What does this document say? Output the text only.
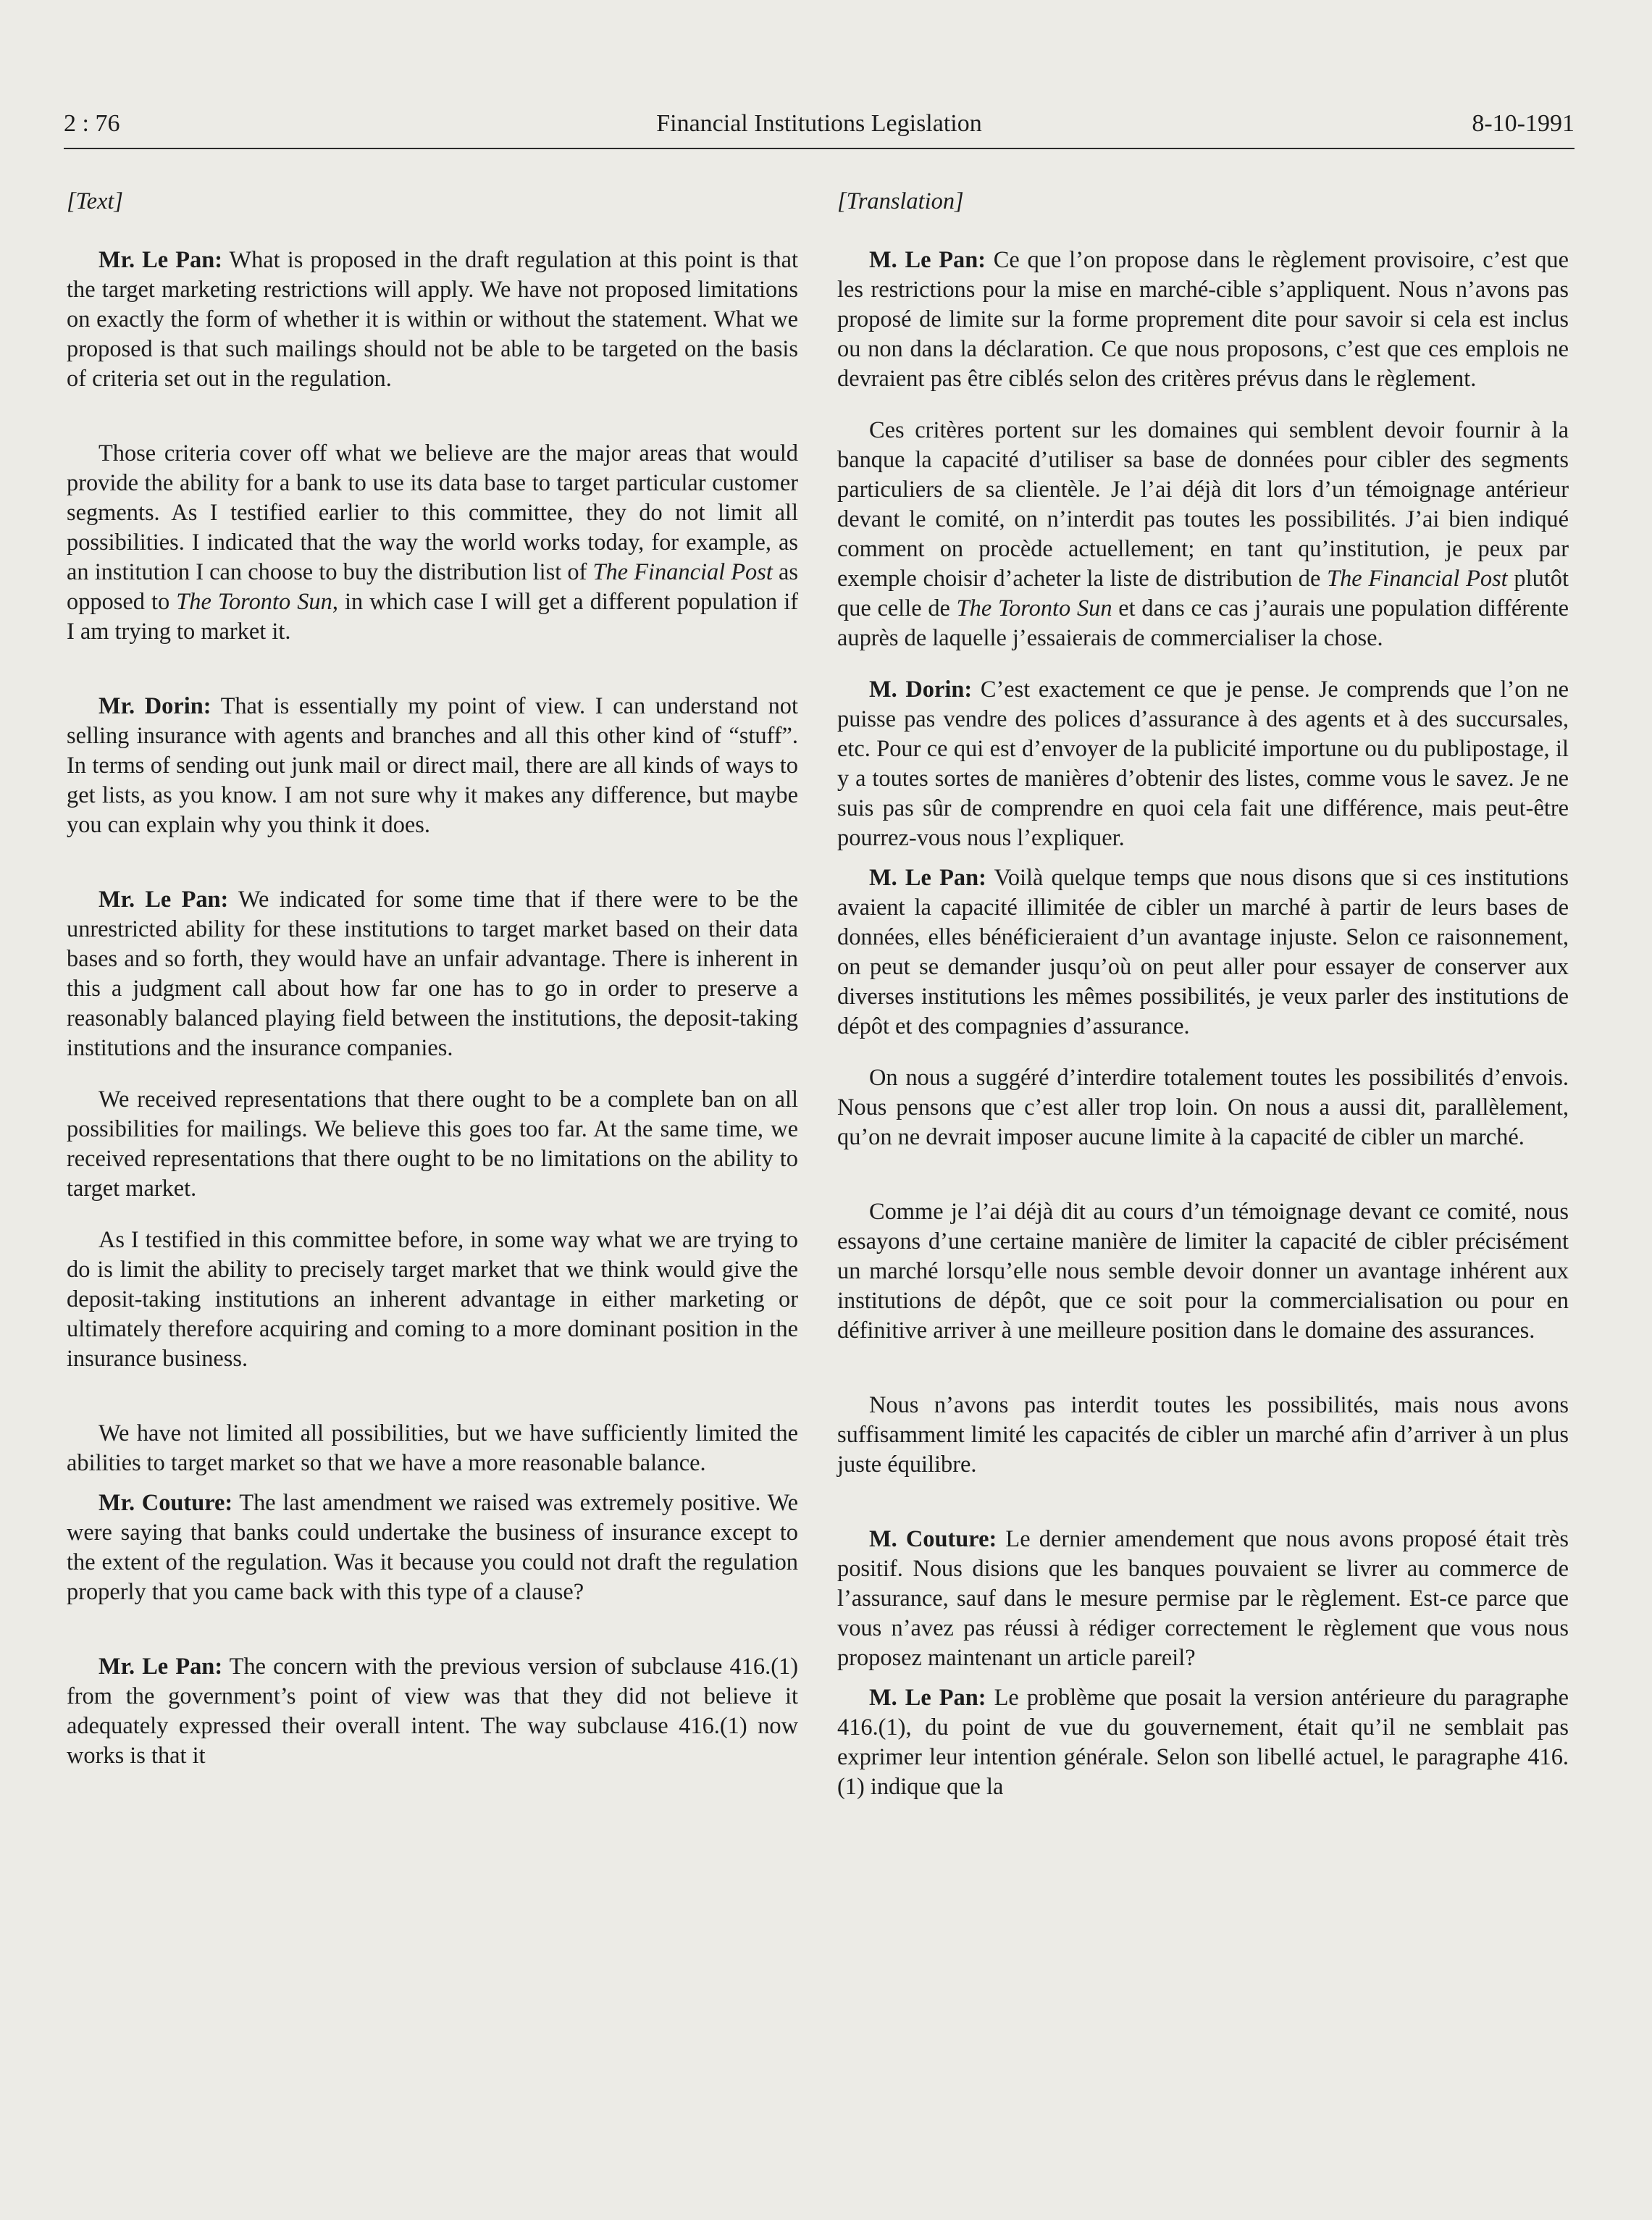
2 : 76	Financial Institutions Legislation	8-10-1991
[Text]

Mr. Le Pan: What is proposed in the draft regulation at this point is that the target marketing restrictions will apply. We have not proposed limitations on exactly the form of whether it is within or without the statement. What we proposed is that such mailings should not be able to be targeted on the basis of criteria set out in the regulation.

Those criteria cover off what we believe are the major areas that would provide the ability for a bank to use its data base to target particular customer segments. As I testified earlier to this committee, they do not limit all possibilities. I indicated that the way the world works today, for example, as an institution I can choose to buy the distribution list of The Financial Post as opposed to The Toronto Sun, in which case I will get a different population if I am trying to market it.

Mr. Dorin: That is essentially my point of view. I can understand not selling insurance with agents and branches and all this other kind of “stuff”. In terms of sending out junk mail or direct mail, there are all kinds of ways to get lists, as you know. I am not sure why it makes any difference, but maybe you can explain why you think it does.

Mr. Le Pan: We indicated for some time that if there were to be the unrestricted ability for these institutions to target market based on their data bases and so forth, they would have an unfair advantage. There is inherent in this a judgment call about how far one has to go in order to preserve a reasonably balanced playing field between the institutions, the deposit-taking institutions and the insurance companies.

We received representations that there ought to be a complete ban on all possibilities for mailings. We believe this goes too far. At the same time, we received representations that there ought to be no limitations on the ability to target market.

As I testified in this committee before, in some way what we are trying to do is limit the ability to precisely target market that we think would give the deposit-taking institutions an inherent advantage in either marketing or ultimately therefore acquiring and coming to a more dominant position in the insurance business.

We have not limited all possibilities, but we have sufficiently limited the abilities to target market so that we have a more reasonable balance.

Mr. Couture: The last amendment we raised was extremely positive. We were saying that banks could undertake the business of insurance except to the extent of the regulation. Was it because you could not draft the regulation properly that you came back with this type of a clause?

Mr. Le Pan: The concern with the previous version of subclause 416.(1) from the government’s point of view was that they did not believe it adequately expressed their overall intent. The way subclause 416.(1) now works is that it

[Translation]

M. Le Pan: Ce que l’on propose dans le règlement provisoire, c’est que les restrictions pour la mise en marché-cible s’appliquent. Nous n’avons pas proposé de limite sur la forme proprement dite pour savoir si cela est inclus ou non dans la déclaration. Ce que nous proposons, c’est que ces emplois ne devraient pas être ciblés selon des critères prévus dans le règlement.

Ces critères portent sur les domaines qui semblent devoir fournir à la banque la capacité d’utiliser sa base de données pour cibler des segments particuliers de sa clientèle. Je l’ai déjà dit lors d’un témoignage antérieur devant le comité, on n’interdit pas toutes les possibilités. J’ai bien indiqué comment on procède actuellement; en tant qu’institution, je peux par exemple choisir d’acheter la liste de distribution de The Financial Post plutôt que celle de The Toronto Sun et dans ce cas j’aurais une population différente auprès de laquelle j’essaierais de commercialiser la chose.

M. Dorin: C’est exactement ce que je pense. Je comprends que l’on ne puisse pas vendre des polices d’assurance à des agents et à des succursales, etc. Pour ce qui est d’envoyer de la publicité importune ou du publipostage, il y a toutes sortes de manières d’obtenir des listes, comme vous le savez. Je ne suis pas sûr de comprendre en quoi cela fait une différence, mais peut-être pourrez-vous nous l’expliquer.

M. Le Pan: Voilà quelque temps que nous disons que si ces institutions avaient la capacité illimitée de cibler un marché à partir de leurs bases de données, elles bénéficieraient d’un avantage injuste. Selon ce raisonnement, on peut se demander jusqu’où on peut aller pour essayer de conserver aux diverses institutions les mêmes possibilités, je veux parler des institutions de dépôt et des compagnies d’assurance.

On nous a suggéré d’interdire totalement toutes les possibilités d’envois. Nous pensons que c’est aller trop loin. On nous a aussi dit, parallèlement, qu’on ne devrait imposer aucune limite à la capacité de cibler un marché.

Comme je l’ai déjà dit au cours d’un témoignage devant ce comité, nous essayons d’une certaine manière de limiter la capacité de cibler précisément un marché lorsqu’elle nous semble devoir donner un avantage inhérent aux institutions de dépôt, que ce soit pour la commercialisation ou pour en définitive arriver à une meilleure position dans le domaine des assurances.

Nous n’avons pas interdit toutes les possibilités, mais nous avons suffisamment limité les capacités de cibler un marché afin d’arriver à un plus juste équilibre.

M. Couture: Le dernier amendement que nous avons proposé était très positif. Nous disions que les banques pouvaient se livrer au commerce de l’assurance, sauf dans le mesure permise par le règlement. Est-ce parce que vous n’avez pas réussi à rédiger correctement le règlement que vous nous proposez maintenant un article pareil?

M. Le Pan: Le problème que posait la version antérieure du paragraphe 416.(1), du point de vue du gouvernement, était qu’il ne semblait pas exprimer leur intention générale. Selon son libellé actuel, le paragraphe 416.(1) indique que la
